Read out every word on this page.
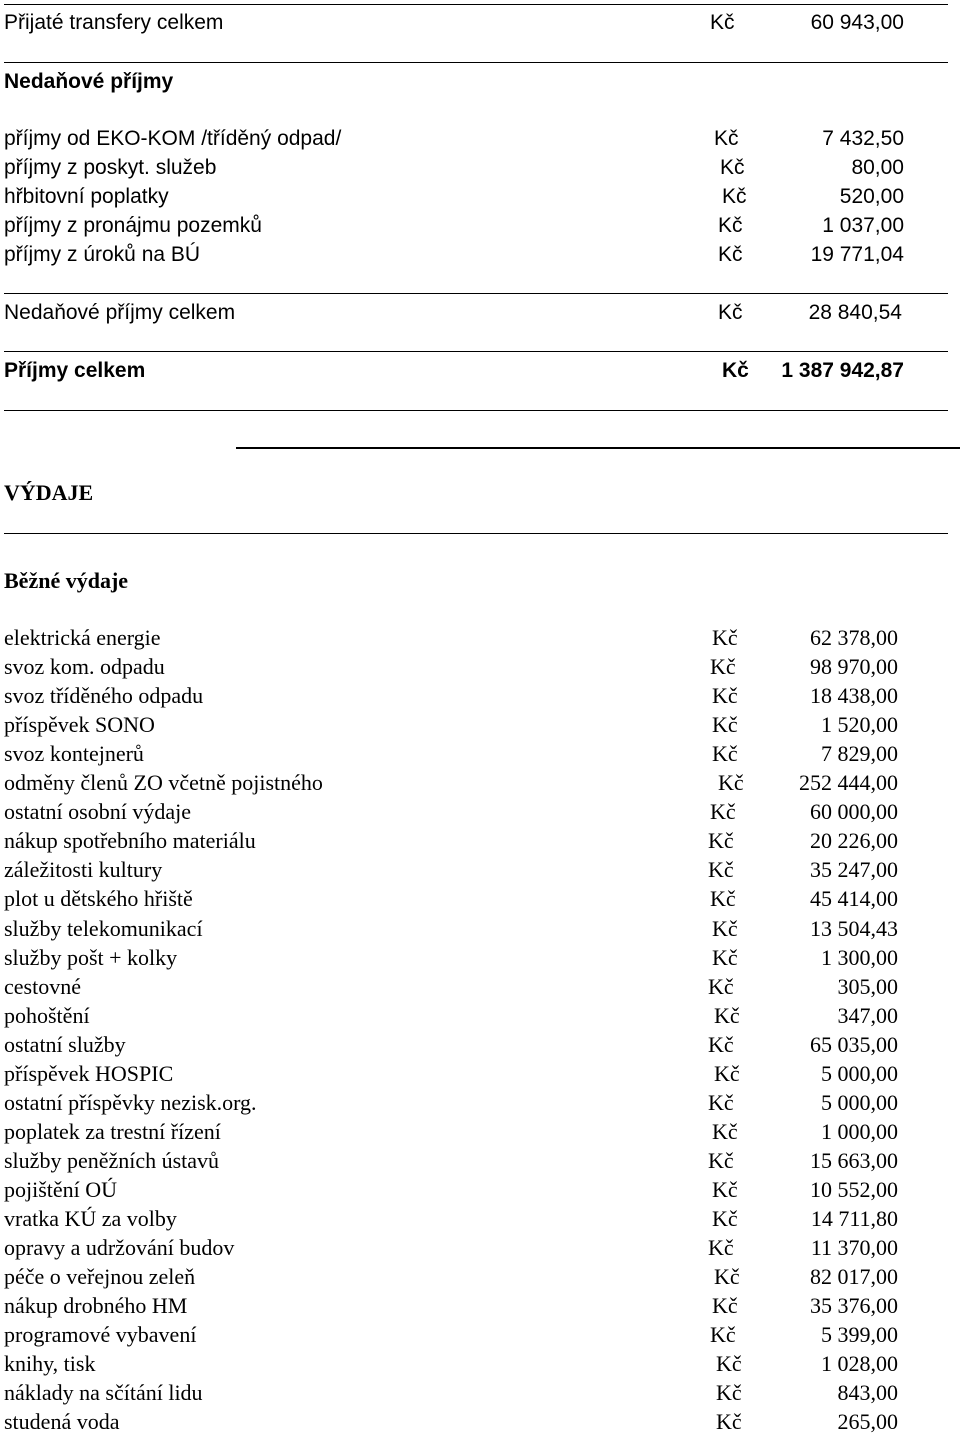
Přijaté transfery celkem	Kč	60 943,00
Nedaňové příjmy
příjmy od EKO-KOM /tříděný odpad/	Kč	7 432,50
příjmy z poskyt. služeb	Kč	80,00
hřbitovní poplatky	Kč	520,00
příjmy z pronájmu pozemků	Kč	1 037,00
příjmy z úroků na BÚ	Kč	19 771,04
Nedaňové příjmy celkem	Kč	28 840,54
Příjmy celkem	Kč	1 387 942,87
VÝDAJE
Běžné výdaje
elektrická energie	Kč	62 378,00
svoz kom. odpadu	Kč	98 970,00
svoz tříděného odpadu	Kč	18 438,00
příspěvek SONO	Kč	1 520,00
svoz kontejnerů	Kč	7 829,00
odměny členů ZO včetně pojistného	Kč	252 444,00
ostatní osobní výdaje	Kč	60 000,00
nákup spotřebního materiálu	Kč	20 226,00
záležitosti kultury	Kč	35 247,00
plot u dětského hřiště	Kč	45 414,00
služby telekomunikací	Kč	13 504,43
služby pošt + kolky	Kč	1 300,00
cestovné	Kč	305,00
pohoštění	Kč	347,00
ostatní služby	Kč	65 035,00
příspěvek HOSPIC	Kč	5 000,00
ostatní příspěvky nezisk.org.	Kč	5 000,00
poplatek za trestní řízení	Kč	1 000,00
služby peněžních ústavů	Kč	15 663,00
pojištění OÚ	Kč	10 552,00
vratka KÚ za volby	Kč	14 711,80
opravy a udržování budov	Kč	11 370,00
péče o veřejnou zeleň	Kč	82 017,00
nákup drobného HM	Kč	35 376,00
programové vybavení	Kč	5 399,00
knihy, tisk	Kč	1 028,00
náklady na sčítání lidu	Kč	843,00
studená voda	Kč	265,00
